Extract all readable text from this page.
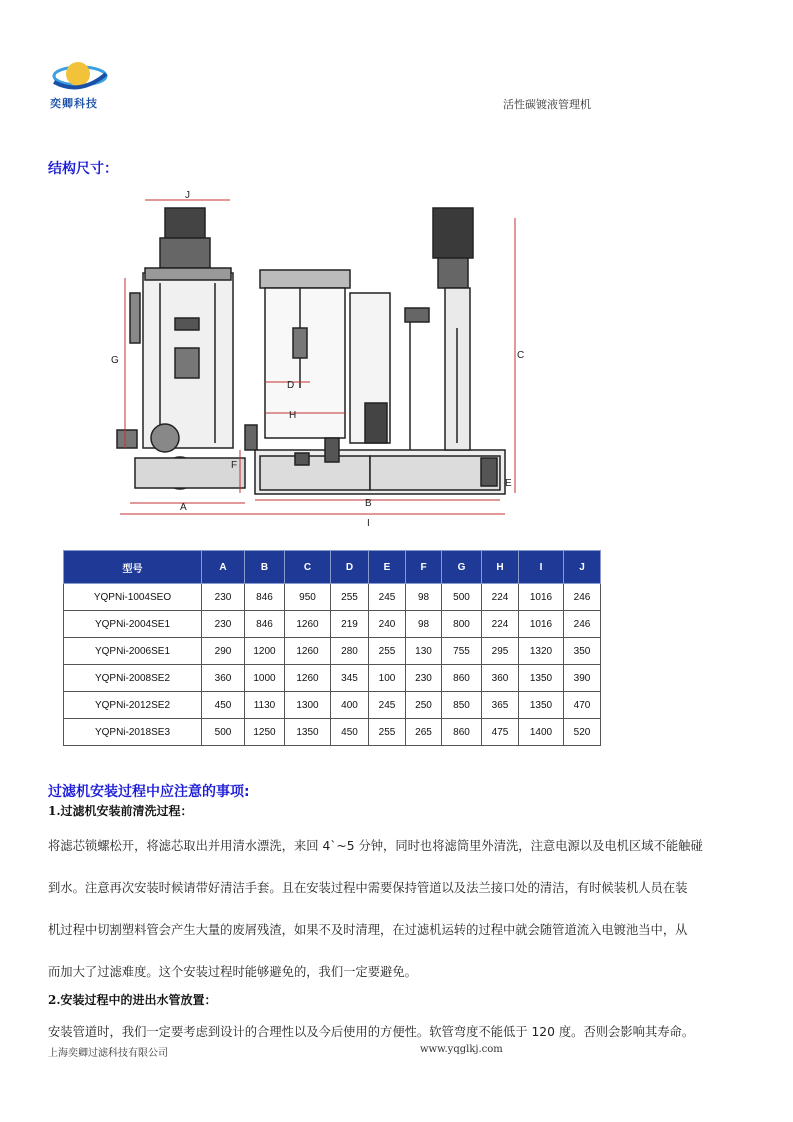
奕卿科技	活性碳镀液管理机
结构尺寸：
J
G
D
H
F
A	B
I
C
E
型号	A	B	C	D	E	F	G	H	I	J
YQPNi-1004SEO	230	846	950	255	245	98	500	224	1016	246
YQPNi-2004SE1	230	846	1260	219	240	98	800	224	1016	246
YQPNi-2006SE1	290	1200	1260	280	255	130	755	295	1320	350
YQPNi-2008SE2	360	1000	1260	345	100	230	860	360	1350	390
YQPNi-2012SE2	450	1130	1300	400	245	250	850	365	1350	470
YQPNi-2018SE3	500	1250	1350	450	255	265	860	475	1400	520
过滤机安装过程中应注意的事项:
1.过滤机安装前清洗过程：
将滤芯锁螺松开，将滤芯取出并用清水漂洗，来回 4`~5 分钟，同时也将滤筒里外清洗，注意电源以及电机区域不能触碰
到水。注意再次安装时候请带好清洁手套。且在安装过程中需要保持管道以及法兰接口处的清洁，有时候装机人员在装
机过程中切割塑料管会产生大量的废屑残渣，如果不及时清理，在过滤机运转的过程中就会随管道流入电镀池当中，从
而加大了过滤难度。这个安装过程时能够避免的，我们一定要避免。
2.安装过程中的进出水管放置：
安装管道时，我们一定要考虑到设计的合理性以及今后使用的方便性。软管弯度不能低于 120 度。否则会影响其寿命。
上海奕卿过滤科技有限公司	www.yqglkj.com
